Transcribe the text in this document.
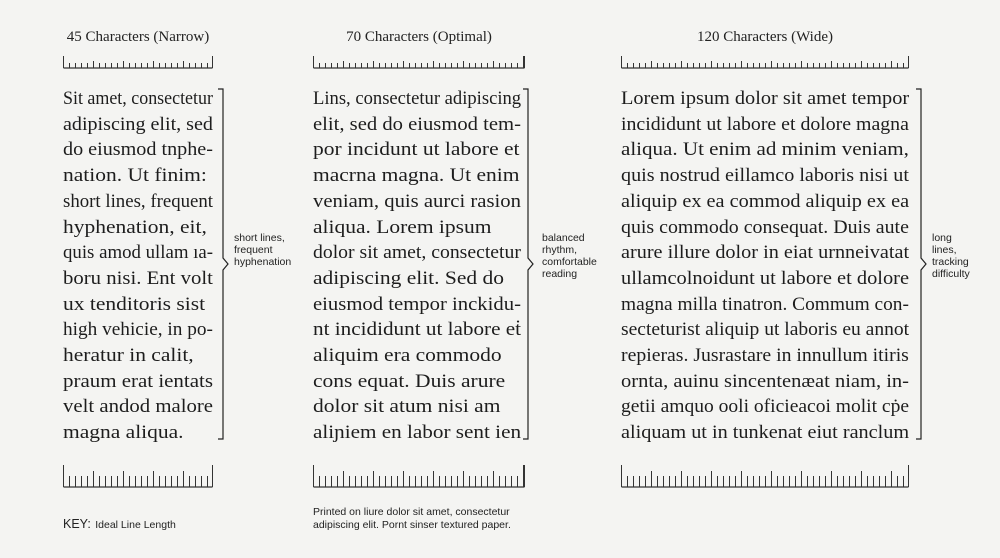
45 Characters (Narrow)	70 Characters (Optimal)	120 Characters (Wide)
Sit amet, consectetur
adipiscing elit, sed
do eiusmod tnphe-
nation. Ut finim:
short lines, frequent
hyphenation, eit,
quis amod ullam ıa-
boru nisi. Ent volt
ux tenditoris sist
high vehicie, in po-
heratur in calit,
praum erat ientats
velt andod malore
magna aliqua.
Lins, consectetur adipiscing
elit, sed do eiusmod tem-
por incidunt ut labore et
macrna magna. Ut enim
veniam, quis aurci rasion
aliqua. Lorem ipsum
dolor sit amet, consectetur
adipiscing elit. Sed do
eiusmod tempor inckidu-
nt incididunt ut labore eṫ
aliquim era commodo
cons equat. Duis arure
dolor sit atum nisi am
aliɲiem en labor sent ien
Lorem ipsum dolor sit amet tempor
incididunt ut labore et dolore magna
aliqua. Ut enim ad minim veniam,
quis nostrud eillamco laboris nisi ut
aliquip ex ea commod aliquip ex ea
quis commodo consequat. Duis aute
arure illure dolor in eiat urnneivatat
ullamcolnoidunt ut labore et dolore
magna milla tinatron. Commum con-
secteturist aliquip ut laboris eu annot
repieras. Jusrastare in innullum itiris
ornta, auinu sincentenæat niam, in-
getii amquo ooli oficieacoi molit cṗe
aliquam ut in tunkenat eiut ranclum
short lines,
frequent
hyphenation
balanced
rhythm,
comfortable
reading
long
lines,
tracking
difficulty
KEY: Ideal Line Length
Printed on liure dolor sit amet, consectetur
adipiscing elit. Pornt sinser textured paper.
